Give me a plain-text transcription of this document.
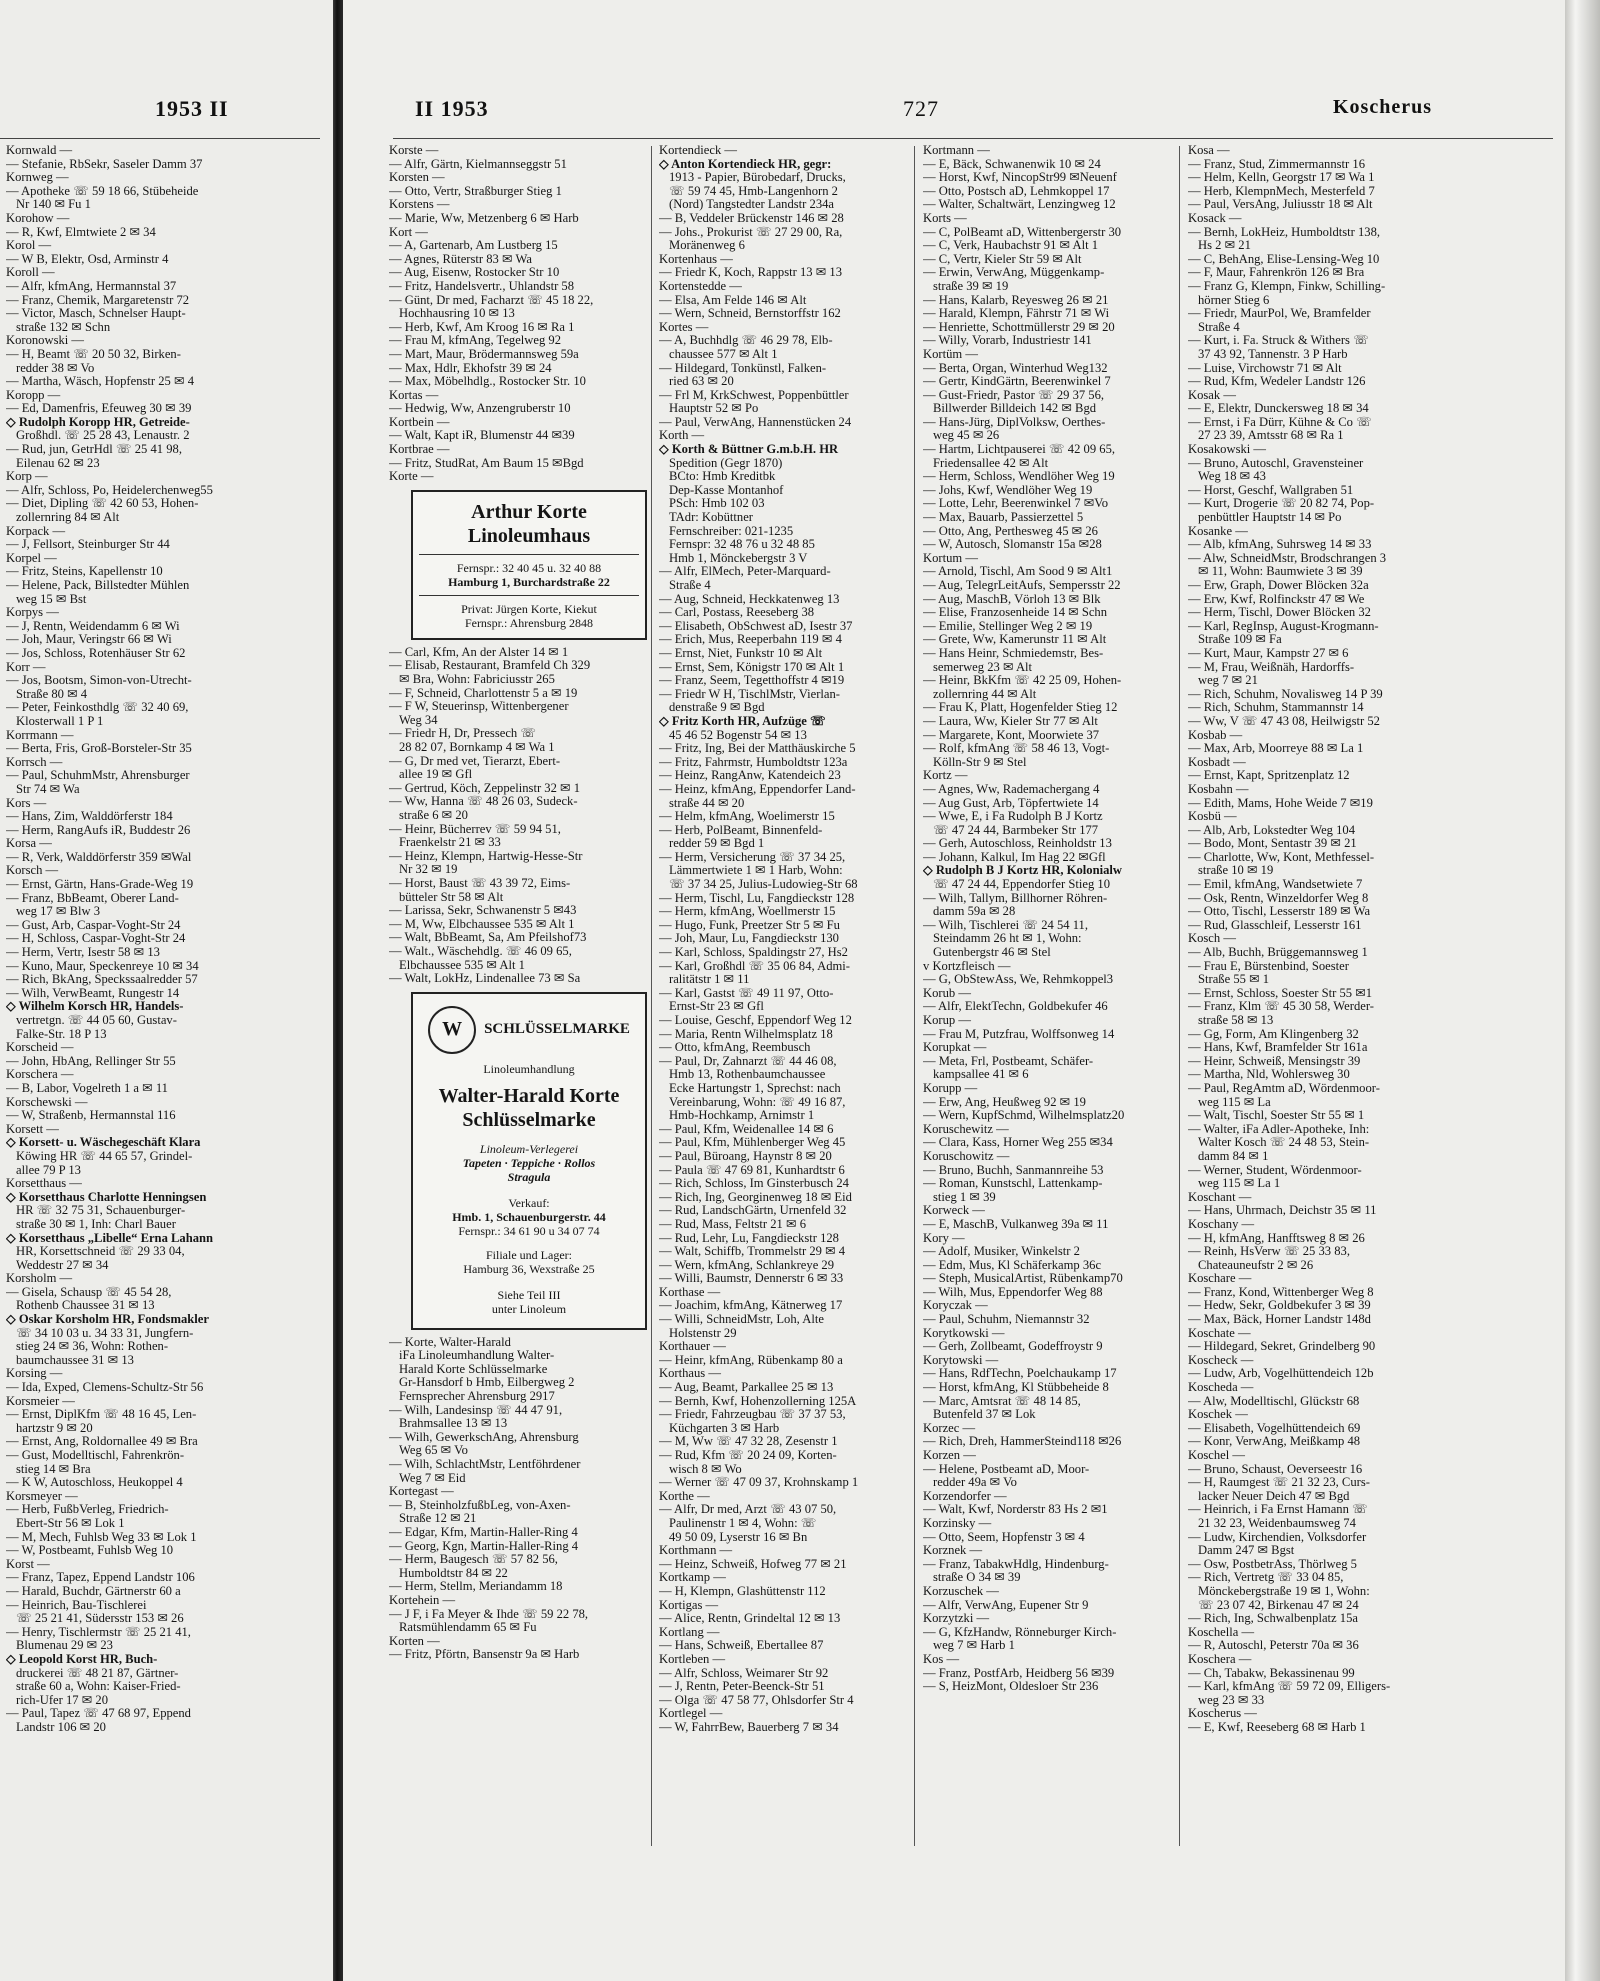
1953 II
Kornwald —
— Stefanie, RbSekr, Saseler Damm 37
Kornweg —
— Apotheke ☏ 59 18 66, Stübeheide
Nr 140 ✉ Fu 1
Korohow —
— R, Kwf, Elmtwiete 2 ✉ 34
Korol —
— W B, Elektr, Osd, Arminstr 4
Koroll —
— Alfr, kfmAng, Hermannstal 37
— Franz, Chemik, Margaretenstr 72
— Victor, Masch, Schnelser Haupt-
straße 132 ✉ Schn
Koronowski —
— H, Beamt ☏ 20 50 32, Birken-
redder 38 ✉ Vo
— Martha, Wäsch, Hopfenstr 25 ✉ 4
Koropp —
— Ed, Damenfris, Efeuweg 30 ✉ 39
◇ Rudolph Koropp HR, Getreide-
Großhdl. ☏ 25 28 43, Lenaustr. 2
— Rud, jun, GetrHdl ☏ 25 41 98,
Eilenau 62 ✉ 23
Korp —
— Alfr, Schloss, Po, Heidelerchenweg55
— Diet, Dipling ☏ 42 60 53, Hohen-
zollernring 84 ✉ Alt
Korpack —
— J, Fellsort, Steinburger Str 44
Korpel —
— Fritz, Steins, Kapellenstr 10
— Helene, Pack, Billstedter Mühlen
weg 15 ✉ Bst
Korpys —
— J, Rentn, Weidendamm 6 ✉ Wi
— Joh, Maur, Veringstr 66 ✉ Wi
— Jos, Schloss, Rotenhäuser Str 62
Korr —
— Jos, Bootsm, Simon-von-Utrecht-
Straße 80 ✉ 4
— Peter, Feinkosthdlg ☏ 32 40 69,
Klosterwall 1 P 1
Korrmann —
— Berta, Fris, Groß-Borsteler-Str 35
Korrsch —
— Paul, SchuhmMstr, Ahrensburger
Str 74 ✉ Wa
Kors —
— Hans, Zim, Walddörferstr 184
— Herm, RangAufs iR, Buddestr 26
Korsa —
— R, Verk, Walddörferstr 359 ✉Wal
Korsch —
— Ernst, Gärtn, Hans-Grade-Weg 19
— Franz, BbBeamt, Oberer Land-
weg 17 ✉ Blw 3
— Gust, Arb, Caspar-Voght-Str 24
— H, Schloss, Caspar-Voght-Str 24
— Herm, Vertr, Isestr 58 ✉ 13
— Kuno, Maur, Speckenreye 10 ✉ 34
— Rich, BkAng, Speckssaalredder 57
— Wilh, VerwBeamt, Rungestr 14
◇ Wilhelm Korsch HR, Handels-
vertretgn. ☏ 44 05 60, Gustav-
Falke-Str. 18 P 13
Korscheid —
— John, HbAng, Rellinger Str 55
Korschera —
— B, Labor, Vogelreth 1 a ✉ 11
Korschewski —
— W, Straßenb, Hermannstal 116
Korsett —
◇ Korsett- u. Wäschegeschäft Klara
Köwing HR ☏ 44 65 57, Grindel-
allee 79 P 13
Korsetthaus —
◇ Korsetthaus Charlotte Henningsen
HR ☏ 32 75 31, Schauenburger-
straße 30 ✉ 1, Inh: Charl Bauer
◇ Korsetthaus „Libelle“ Erna Lahann
HR, Korsettschneid ☏ 29 33 04,
Weddestr 27 ✉ 34
Korsholm —
— Gisela, Schausp ☏ 45 54 28,
Rothenb Chaussee 31 ✉ 13
◇ Oskar Korsholm HR, Fondsmakler
☏ 34 10 03 u. 34 33 31, Jungfern-
stieg 24 ✉ 36, Wohn: Rothen-
baumchaussee 31 ✉ 13
Korsing —
— Ida, Exped, Clemens-Schultz-Str 56
Korsmeier —
— Ernst, DiplKfm ☏ 48 16 45, Len-
hartzstr 9 ✉ 20
— Ernst, Ang, Roldornallee 49 ✉ Bra
— Gust, Modelltischl, Fahrenkrön-
stieg 14 ✉ Bra
— K W, Autoschloss, Heukoppel 4
Korsmeyer —
— Herb, FußbVerleg, Friedrich-
Ebert-Str 56 ✉ Lok 1
— M, Mech, Fuhlsb Weg 33 ✉ Lok 1
— W, Postbeamt, Fuhlsb Weg 10
Korst —
— Franz, Tapez, Eppend Landstr 106
— Harald, Buchdr, Gärtnerstr 60 a
— Heinrich, Bau-Tischlerei
☏ 25 21 41, Südersstr 153 ✉ 26
— Henry, Tischlermstr ☏ 25 21 41,
Blumenau 29 ✉ 23
◇ Leopold Korst HR, Buch-
druckerei ☏ 48 21 87, Gärtner-
straße 60 a, Wohn: Kaiser-Fried-
rich-Ufer 17 ✉ 20
— Paul, Tapez ☏ 47 68 97, Eppend
Landstr 106 ✉ 20
II 1953	727	Koscherus
Korste —
— Alfr, Gärtn, Kielmannseggstr 51
Korsten —
— Otto, Vertr, Straßburger Stieg 1
Korstens —
— Marie, Ww, Metzenberg 6 ✉ Harb
Kort —
— A, Gartenarb, Am Lustberg 15
— Agnes, Rüterstr 83 ✉ Wa
— Aug, Eisenw, Rostocker Str 10
— Fritz, Handelsvertr., Uhlandstr 58
— Günt, Dr med, Facharzt ☏ 45 18 22,
Hochhausring 10 ✉ 13
— Herb, Kwf, Am Kroog 16 ✉ Ra 1
— Frau M, kfmAng, Tegelweg 92
— Mart, Maur, Brödermannsweg 59a
— Max, Hdlr, Ekhofstr 39 ✉ 24
— Max, Möbelhdlg., Rostocker Str. 10
Kortas —
— Hedwig, Ww, Anzengruberstr 10
Kortbein —
— Walt, Kapt iR, Blumenstr 44 ✉39
Kortbrae —
— Fritz, StudRat, Am Baum 15 ✉Bgd
Korte —
Arthur Korte
Linoleumhaus
Fernspr.: 32 40 45 u. 32 40 88
Hamburg 1, Burchardstraße 22
Privat: Jürgen Korte, Kiekut
Fernspr.: Ahrensburg 2848
— Carl, Kfm, An der Alster 14 ✉ 1
— Elisab, Restaurant, Bramfeld Ch 329
✉ Bra, Wohn: Fabriciusstr 265
— F, Schneid, Charlottenstr 5 a ✉ 19
— F W, Steuerinsp, Wittenbergener
Weg 34
— Friedr H, Dr, Pressech ☏
28 82 07, Bornkamp 4 ✉ Wa 1
— G, Dr med vet, Tierarzt, Ebert-
allee 19 ✉ Gfl
— Gertrud, Köch, Zeppelinstr 32 ✉ 1
— Ww, Hanna ☏ 48 26 03, Sudeck-
straße 6 ✉ 20
— Heinr, Bücherrev ☏ 59 94 51,
Fraenkelstr 21 ✉ 33
— Heinz, Klempn, Hartwig-Hesse-Str
Nr 32 ✉ 19
— Horst, Baust ☏ 43 39 72, Eims-
bütteler Str 58 ✉ Alt
— Larissa, Sekr, Schwanenstr 5 ✉43
— M, Ww, Elbchaussee 535 ✉ Alt 1
— Walt, BbBeamt, Sa, Am Pfeilshof73
— Walt., Wäschehdlg. ☏ 46 09 65,
Elbchaussee 535 ✉ Alt 1
— Walt, LokHz, Lindenallee 73 ✉ Sa
W	SCHLÜSSELMARKE
Linoleumhandlung
Walter-Harald Korte
Schlüsselmarke
Linoleum-Verlegerei
Tapeten · Teppiche · Rollos
Stragula
Verkauf:
Hmb. 1, Schauenburgerstr. 44
Fernspr.: 34 61 90 u 34 07 74
Filiale und Lager:
Hamburg 36, Wexstraße 25
Siehe Teil III
unter Linoleum
— Korte, Walter-Harald
iFa Linoleumhandlung Walter-
Harald Korte Schlüsselmarke
Gr-Hansdorf b Hmb, Eilbergweg 2
Fernsprecher Ahrensburg 2917
— Wilh, Landesinsp ☏ 44 47 91,
Brahmsallee 13 ✉ 13
— Wilh, GewerkschAng, Ahrensburg
Weg 65 ✉ Vo
— Wilh, SchlachtMstr, Lentföhrdener
Weg 7 ✉ Eid
Kortegast —
— B, SteinholzfußbLeg, von-Axen-
Straße 12 ✉ 21
— Edgar, Kfm, Martin-Haller-Ring 4
— Georg, Kgn, Martin-Haller-Ring 4
— Herm, Baugesch ☏ 57 82 56,
Humboldtstr 84 ✉ 22
— Herm, Stellm, Meriandamm 18
Kortehein —
— J F, i Fa Meyer & Ihde ☏ 59 22 78,
Ratsmühlendamm 65 ✉ Fu
Korten —
— Fritz, Pförtn, Bansenstr 9a ✉ Harb
Kortendieck —
◇ Anton Kortendieck HR, gegr:
1913 - Papier, Bürobedarf, Drucks,
☏ 59 74 45, Hmb-Langenhorn 2
(Nord) Tangstedter Landstr 234a
— B, Veddeler Brückenstr 146 ✉ 28
— Johs., Prokurist ☏ 27 29 00, Ra,
Moränenweg 6
Kortenhaus —
— Friedr K, Koch, Rappstr 13 ✉ 13
Kortenstedde —
— Elsa, Am Felde 146 ✉ Alt
— Wern, Schneid, Bernstorffstr 162
Kortes —
— A, Buchhdlg ☏ 46 29 78, Elb-
chaussee 577 ✉ Alt 1
— Hildegard, Tonkünstl, Falken-
ried 63 ✉ 20
— Frl M, KrkSchwest, Poppenbüttler
Hauptstr 52 ✉ Po
— Paul, VerwAng, Hannenstücken 24
Korth —
◇ Korth & Büttner G.m.b.H. HR
Spedition (Gegr 1870)
BCto: Hmb Kreditbk
Dep-Kasse Montanhof
PSch: Hmb 102 03
TAdr: Kobüttner
Fernschreiber: 021-1235
Fernspr: 32 48 76 u 32 48 85
Hmb 1, Mönckebergstr 3 V
— Alfr, ElMech, Peter-Marquard-
Straße 4
— Aug, Schneid, Heckkatenweg 13
— Carl, Postass, Reeseberg 38
— Elisabeth, ObSchwest aD, Isestr 37
— Erich, Mus, Reeperbahn 119 ✉ 4
— Ernst, Niet, Funkstr 10 ✉ Alt
— Ernst, Sem, Königstr 170 ✉ Alt 1
— Franz, Seem, Tegetthoffstr 4 ✉19
— Friedr W H, TischlMstr, Vierlan-
denstraße 9 ✉ Bgd
◇ Fritz Korth HR, Aufzüge ☏
45 46 52 Bogenstr 54 ✉ 13
— Fritz, Ing, Bei der Matthäuskirche 5
— Fritz, Fahrmstr, Humboldtstr 123a
— Heinz, RangAnw, Katendeich 23
— Heinz, kfmAng, Eppendorfer Land-
straße 44 ✉ 20
— Helm, kfmAng, Woelimerstr 15
— Herb, PolBeamt, Binnenfeld-
redder 59 ✉ Bgd 1
— Herm, Versicherung ☏ 37 34 25,
Lämmertwiete 1 ✉ 1 Harb, Wohn:
☏ 37 34 25, Julius-Ludowieg-Str 68
— Herm, Tischl, Lu, Fangdieckstr 128
— Herm, kfmAng, Woellmerstr 15
— Hugo, Funk, Preetzer Str 5 ✉ Fu
— Joh, Maur, Lu, Fangdieckstr 130
— Karl, Schloss, Spaldingstr 27, Hs2
— Karl, Großhdl ☏ 35 06 84, Admi-
ralitätstr 1 ✉ 11
— Karl, Gastst ☏ 49 11 97, Otto-
Ernst-Str 23 ✉ Gfl
— Louise, Geschf, Eppendorf Weg 12
— Maria, Rentn Wilhelmsplatz 18
— Otto, kfmAng, Reembusch
— Paul, Dr, Zahnarzt ☏ 44 46 08,
Hmb 13, Rothenbaumchaussee
Ecke Hartungstr 1, Sprechst: nach
Vereinbarung, Wohn: ☏ 49 16 87,
Hmb-Hochkamp, Arnimstr 1
— Paul, Kfm, Weidenallee 14 ✉ 6
— Paul, Kfm, Mühlenberger Weg 45
— Paul, Büroang, Haynstr 8 ✉ 20
— Paula ☏ 47 69 81, Kunhardtstr 6
— Rich, Schloss, Im Ginsterbusch 24
— Rich, Ing, Georginenweg 18 ✉ Eid
— Rud, LandschGärtn, Urnenfeld 32
— Rud, Mass, Feltstr 21 ✉ 6
— Rud, Lehr, Lu, Fangdieckstr 128
— Walt, Schiffb, Trommelstr 29 ✉ 4
— Wern, kfmAng, Schlankreye 29
— Willi, Baumstr, Dennerstr 6 ✉ 33
Korthase —
— Joachim, kfmAng, Kätnerweg 17
— Willi, SchneidMstr, Loh, Alte
Holstenstr 29
Korthauer —
— Heinr, kfmAng, Rübenkamp 80 a
Korthaus —
— Aug, Beamt, Parkallee 25 ✉ 13
— Bernh, Kwf, Hohenzollerning 125A
— Friedr, Fahrzeugbau ☏ 37 37 53,
Küchgarten 3 ✉ Harb
— M, Ww ☏ 47 32 28, Zesenstr 1
— Rud, Kfm ☏ 20 24 09, Korten-
wisch 8 ✉ Wo
— Werner ☏ 47 09 37, Krohnskamp 1
Korthe —
— Alfr, Dr med, Arzt ☏ 43 07 50,
Paulinenstr 1 ✉ 4, Wohn: ☏
49 50 09, Lyserstr 16 ✉ Bn
Korthmann —
— Heinz, Schweiß, Hofweg 77 ✉ 21
Kortkamp —
— H, Klempn, Glashüttenstr 112
Kortigas —
— Alice, Rentn, Grindeltal 12 ✉ 13
Kortlang —
— Hans, Schweiß, Ebertallee 87
Kortleben —
— Alfr, Schloss, Weimarer Str 92
— J, Rentn, Peter-Beenck-Str 51
— Olga ☏ 47 58 77, Ohlsdorfer Str 4
Kortlegel —
— W, FahrrBew, Bauerberg 7 ✉ 34
Kortmann —
— E, Bäck, Schwanenwik 10 ✉ 24
— Horst, Kwf, NincopStr99 ✉Neuenf
— Otto, Postsch aD, Lehmkoppel 17
— Walter, Schaltwärt, Lenzingweg 12
Korts —
— C, PolBeamt aD, Wittenbergerstr 30
— C, Verk, Haubachstr 91 ✉ Alt 1
— C, Vertr, Kieler Str 59 ✉ Alt
— Erwin, VerwAng, Müggenkamp-
straße 39 ✉ 19
— Hans, Kalarb, Reyesweg 26 ✉ 21
— Harald, Klempn, Fährstr 71 ✉ Wi
— Henriette, Schottmüllerstr 29 ✉ 20
— Willy, Vorarb, Industriestr 141
Kortüm —
— Berta, Organ, Winterhud Weg132
— Gertr, KindGärtn, Beerenwinkel 7
— Gust-Friedr, Pastor ☏ 29 37 56,
Billwerder Billdeich 142 ✉ Bgd
— Hans-Jürg, DiplVolksw, Oerthes-
weg 45 ✉ 26
— Hartm, Lichtpauserei ☏ 42 09 65,
Friedensallee 42 ✉ Alt
— Herm, Schloss, Wendlöher Weg 19
— Johs, Kwf, Wendlöher Weg 19
— Lotte, Lehr, Beerenwinkel 7 ✉Vo
— Max, Bauarb, Passierzettel 5
— Otto, Ang, Perthesweg 45 ✉ 26
— W, Autosch, Slomanstr 15a ✉28
Kortum —
— Arnold, Tischl, Am Sood 9 ✉ Alt1
— Aug, TelegrLeitAufs, Sempersstr 22
— Aug, MaschB, Vörloh 13 ✉ Blk
— Elise, Franzosenheide 14 ✉ Schn
— Emilie, Stellinger Weg 2 ✉ 19
— Grete, Ww, Kamerunstr 11 ✉ Alt
— Hans Heinr, Schmiedemstr, Bes-
semerweg 23 ✉ Alt
— Heinr, BkKfm ☏ 42 25 09, Hohen-
zollernring 44 ✉ Alt
— Frau K, Platt, Hogenfelder Stieg 12
— Laura, Ww, Kieler Str 77 ✉ Alt
— Margarete, Kont, Moorwiete 37
— Rolf, kfmAng ☏ 58 46 13, Vogt-
Kölln-Str 9 ✉ Stel
Kortz —
— Agnes, Ww, Rademachergang 4
— Aug Gust, Arb, Töpfertwiete 14
— Wwe, E, i Fa Rudolph B J Kortz
☏ 47 24 44, Barmbeker Str 177
— Gerh, Autoschloss, Reinholdstr 13
— Johann, Kalkul, Im Hag 22 ✉Gfl
◇ Rudolph B J Kortz HR, Kolonialw
☏ 47 24 44, Eppendorfer Stieg 10
— Wilh, Tallym, Billhorner Röhren-
damm 59a ✉ 28
— Wilh, Tischlerei ☏ 24 54 11,
Steindamm 26 ht ✉ 1, Wohn:
Gutenbergstr 46 ✉ Stel
v Kortzfleisch —
— G, ObStewAss, We, Rehmkoppel3
Korub —
— Alfr, ElektTechn, Goldbekufer 46
Korup —
— Frau M, Putzfrau, Wolffsonweg 14
Korupkat —
— Meta, Frl, Postbeamt, Schäfer-
kampsallee 41 ✉ 6
Korupp —
— Erw, Ang, Heußweg 92 ✉ 19
— Wern, KupfSchmd, Wilhelmsplatz20
Koruschewitz —
— Clara, Kass, Horner Weg 255 ✉34
Koruschowitz —
— Bruno, Buchh, Sanmannreihe 53
— Roman, Kunstschl, Lattenkamp-
stieg 1 ✉ 39
Korweck —
— E, MaschB, Vulkanweg 39a ✉ 11
Kory —
— Adolf, Musiker, Winkelstr 2
— Edm, Mus, Kl Schäferkamp 36c
— Steph, MusicalArtist, Rübenkamp70
— Wilh, Mus, Eppendorfer Weg 88
Koryczak —
— Paul, Schuhm, Niemannstr 32
Korytkowski —
— Gerh, Zollbeamt, Godeffroystr 9
Korytowski —
— Hans, RdfTechn, Poelchaukamp 17
— Horst, kfmAng, Kl Stübbeheide 8
— Marc, Amtsrat ☏ 48 14 85,
Butenfeld 37 ✉ Lok
Korzec —
— Rich, Dreh, HammerSteind118 ✉26
Korzen —
— Helene, Postbeamt aD, Moor-
redder 49a ✉ Vo
Korzendorfer —
— Walt, Kwf, Norderstr 83 Hs 2 ✉1
Korzinsky —
— Otto, Seem, Hopfenstr 3 ✉ 4
Korznek —
— Franz, TabakwHdlg, Hindenburg-
straße O 34 ✉ 39
Korzuschek —
— Alfr, VerwAng, Eupener Str 9
Korzytzki —
— G, KfzHandw, Rönneburger Kirch-
weg 7 ✉ Harb 1
Kos —
— Franz, PostfArb, Heidberg 56 ✉39
— S, HeizMont, Oldesloer Str 236
Kosa —
— Franz, Stud, Zimmermannstr 16
— Helm, Kelln, Georgstr 17 ✉ Wa 1
— Herb, KlempnMech, Mesterfeld 7
— Paul, VersAng, Juliusstr 18 ✉ Alt
Kosack —
— Bernh, LokHeiz, Humboldtstr 138,
Hs 2 ✉ 21
— C, BehAng, Elise-Lensing-Weg 10
— F, Maur, Fahrenkrön 126 ✉ Bra
— Franz G, Klempn, Finkw, Schilling-
hörner Stieg 6
— Friedr, MaurPol, We, Bramfelder
Straße 4
— Kurt, i. Fa. Struck & Withers ☏
37 43 92, Tannenstr. 3 P Harb
— Luise, Virchowstr 71 ✉ Alt
— Rud, Kfm, Wedeler Landstr 126
Kosak —
— E, Elektr, Dunckersweg 18 ✉ 34
— Ernst, i Fa Dürr, Kühne & Co ☏
27 23 39, Amtsstr 68 ✉ Ra 1
Kosakowski —
— Bruno, Autoschl, Gravensteiner
Weg 18 ✉ 43
— Horst, Geschf, Wallgraben 51
— Kurt, Drogerie ☏ 20 82 74, Pop-
penbüttler Hauptstr 14 ✉ Po
Kosanke —
— Alb, kfmAng, Suhrsweg 14 ✉ 33
— Alw, SchneidMstr, Brodschrangen 3
✉ 11, Wohn: Baumwiete 3 ✉ 39
— Erw, Graph, Dower Blöcken 32a
— Erw, Kwf, Rolfinckstr 47 ✉ We
— Herm, Tischl, Dower Blöcken 32
— Karl, RegInsp, August-Krogmann-
Straße 109 ✉ Fa
— Kurt, Maur, Kampstr 27 ✉ 6
— M, Frau, Weißnäh, Hardorffs-
weg 7 ✉ 21
— Rich, Schuhm, Novalisweg 14 P 39
— Rich, Schuhm, Stammannstr 14
— Ww, V ☏ 47 43 08, Heilwigstr 52
Kosbab —
— Max, Arb, Moorreye 88 ✉ La 1
Kosbadt —
— Ernst, Kapt, Spritzenplatz 12
Kosbahn —
— Edith, Mams, Hohe Weide 7 ✉19
Kosbü —
— Alb, Arb, Lokstedter Weg 104
— Bodo, Mont, Sentastr 39 ✉ 21
— Charlotte, Ww, Kont, Methfessel-
straße 10 ✉ 19
— Emil, kfmAng, Wandsetwiete 7
— Osk, Rentn, Winzeldorfer Weg 8
— Otto, Tischl, Lesserstr 189 ✉ Wa
— Rud, Glasschleif, Lesserstr 161
Kosch —
— Alb, Buchh, Brüggemannsweg 1
— Frau E, Bürstenbind, Soester
Straße 55 ✉ 1
— Ernst, Schloss, Soester Str 55 ✉1
— Franz, Klm ☏ 45 30 58, Werder-
straße 58 ✉ 13
— Gg, Form, Am Klingenberg 32
— Hans, Kwf, Bramfelder Str 161a
— Heinr, Schweiß, Mensingstr 39
— Martha, Nld, Wohlersweg 30
— Paul, RegAmtm aD, Wördenmoor-
weg 115 ✉ La
— Walt, Tischl, Soester Str 55 ✉ 1
— Walter, iFa Adler-Apotheke, Inh:
Walter Kosch ☏ 24 48 53, Stein-
damm 84 ✉ 1
— Werner, Student, Wördenmoor-
weg 115 ✉ La 1
Koschant —
— Hans, Uhrmach, Deichstr 35 ✉ 11
Koschany —
— H, kfmAng, Hanfftsweg 8 ✉ 26
— Reinh, HsVerw ☏ 25 33 83,
Chateauneufstr 2 ✉ 26
Koschare —
— Franz, Kond, Wittenberger Weg 8
— Hedw, Sekr, Goldbekufer 3 ✉ 39
— Max, Bäck, Horner Landstr 148d
Koschate —
— Hildegard, Sekret, Grindelberg 90
Koscheck —
— Ludw, Arb, Vogelhüttendeich 12b
Koscheda —
— Alw, Modelltischl, Glückstr 68
Koschek —
— Elisabeth, Vogelhüttendeich 69
— Konr, VerwAng, Meißkamp 48
Koschel —
— Bruno, Schaust, Oeverseestr 16
— H, Raumgest ☏ 21 32 23, Curs-
lacker Neuer Deich 47 ✉ Bgd
— Heinrich, i Fa Ernst Hamann ☏
21 32 23, Weidenbaumsweg 74
— Ludw, Kirchendien, Volksdorfer
Damm 247 ✉ Bgst
— Osw, PostbetrAss, Thörlweg 5
— Rich, Vertretg ☏ 33 04 85,
Mönckebergstraße 19 ✉ 1, Wohn:
☏ 23 07 42, Birkenau 47 ✉ 24
— Rich, Ing, Schwalbenplatz 15a
Koschella —
— R, Autoschl, Peterstr 70a ✉ 36
Koschera —
— Ch, Tabakw, Bekassinenau 99
— Karl, kfmAng ☏ 59 72 09, Elligers-
weg 23 ✉ 33
Koscherus —
— E, Kwf, Reeseberg 68 ✉ Harb 1
